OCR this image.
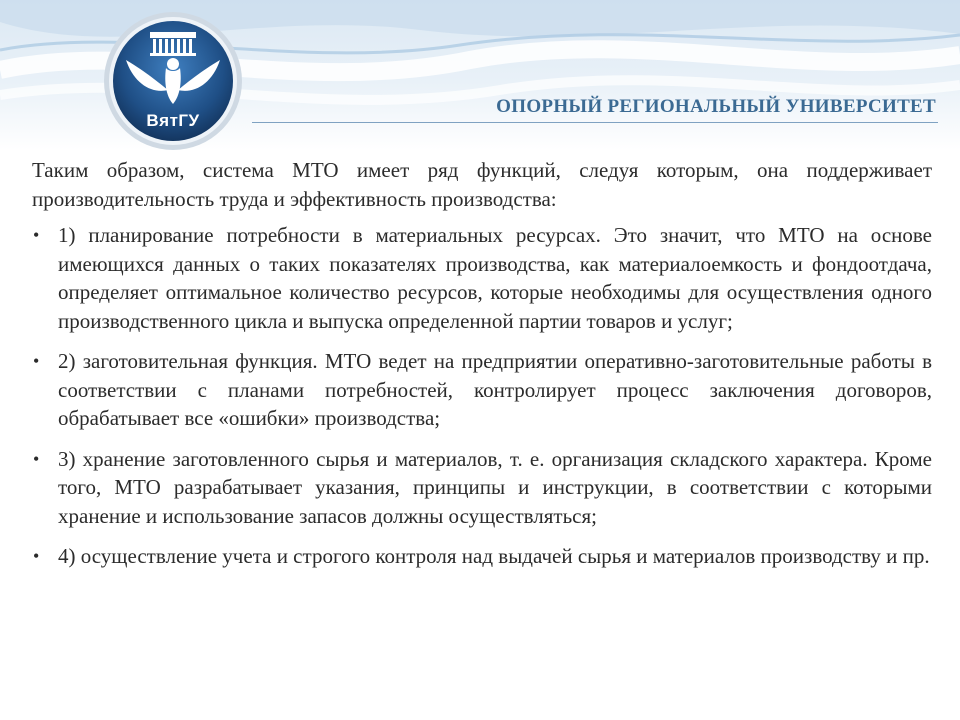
ВятГУ
ОПОРНЫЙ РЕГИОНАЛЬНЫЙ УНИВЕРСИТЕТ

Таким образом, система МТО имеет ряд функций, следуя которым, она поддерживает производительность труда и эффективность производства:

• 1) планирование потребности в материальных ресурсах. Это значит, что МТО на основе имеющихся данных о таких показателях производства, как материалоемкость и фондоотдача, определяет оптимальное количество ресурсов, которые необходимы для осуществления одного производственного цикла и выпуска определенной партии товаров и услуг;
• 2) заготовительная функция. МТО ведет на предприятии оперативно-заготовительные работы в соответствии с планами потребностей, контролирует процесс заключения договоров, обрабатывает все «ошибки» производства;
• 3) хранение заготовленного сырья и материалов, т. е. организация складского характера. Кроме того, МТО разрабатывает указания, принципы и инструкции, в соответствии с которыми хранение и использование запасов должны осуществляться;
• 4) осуществление учета и строгого контроля над выдачей сырья и материалов производству и пр.
